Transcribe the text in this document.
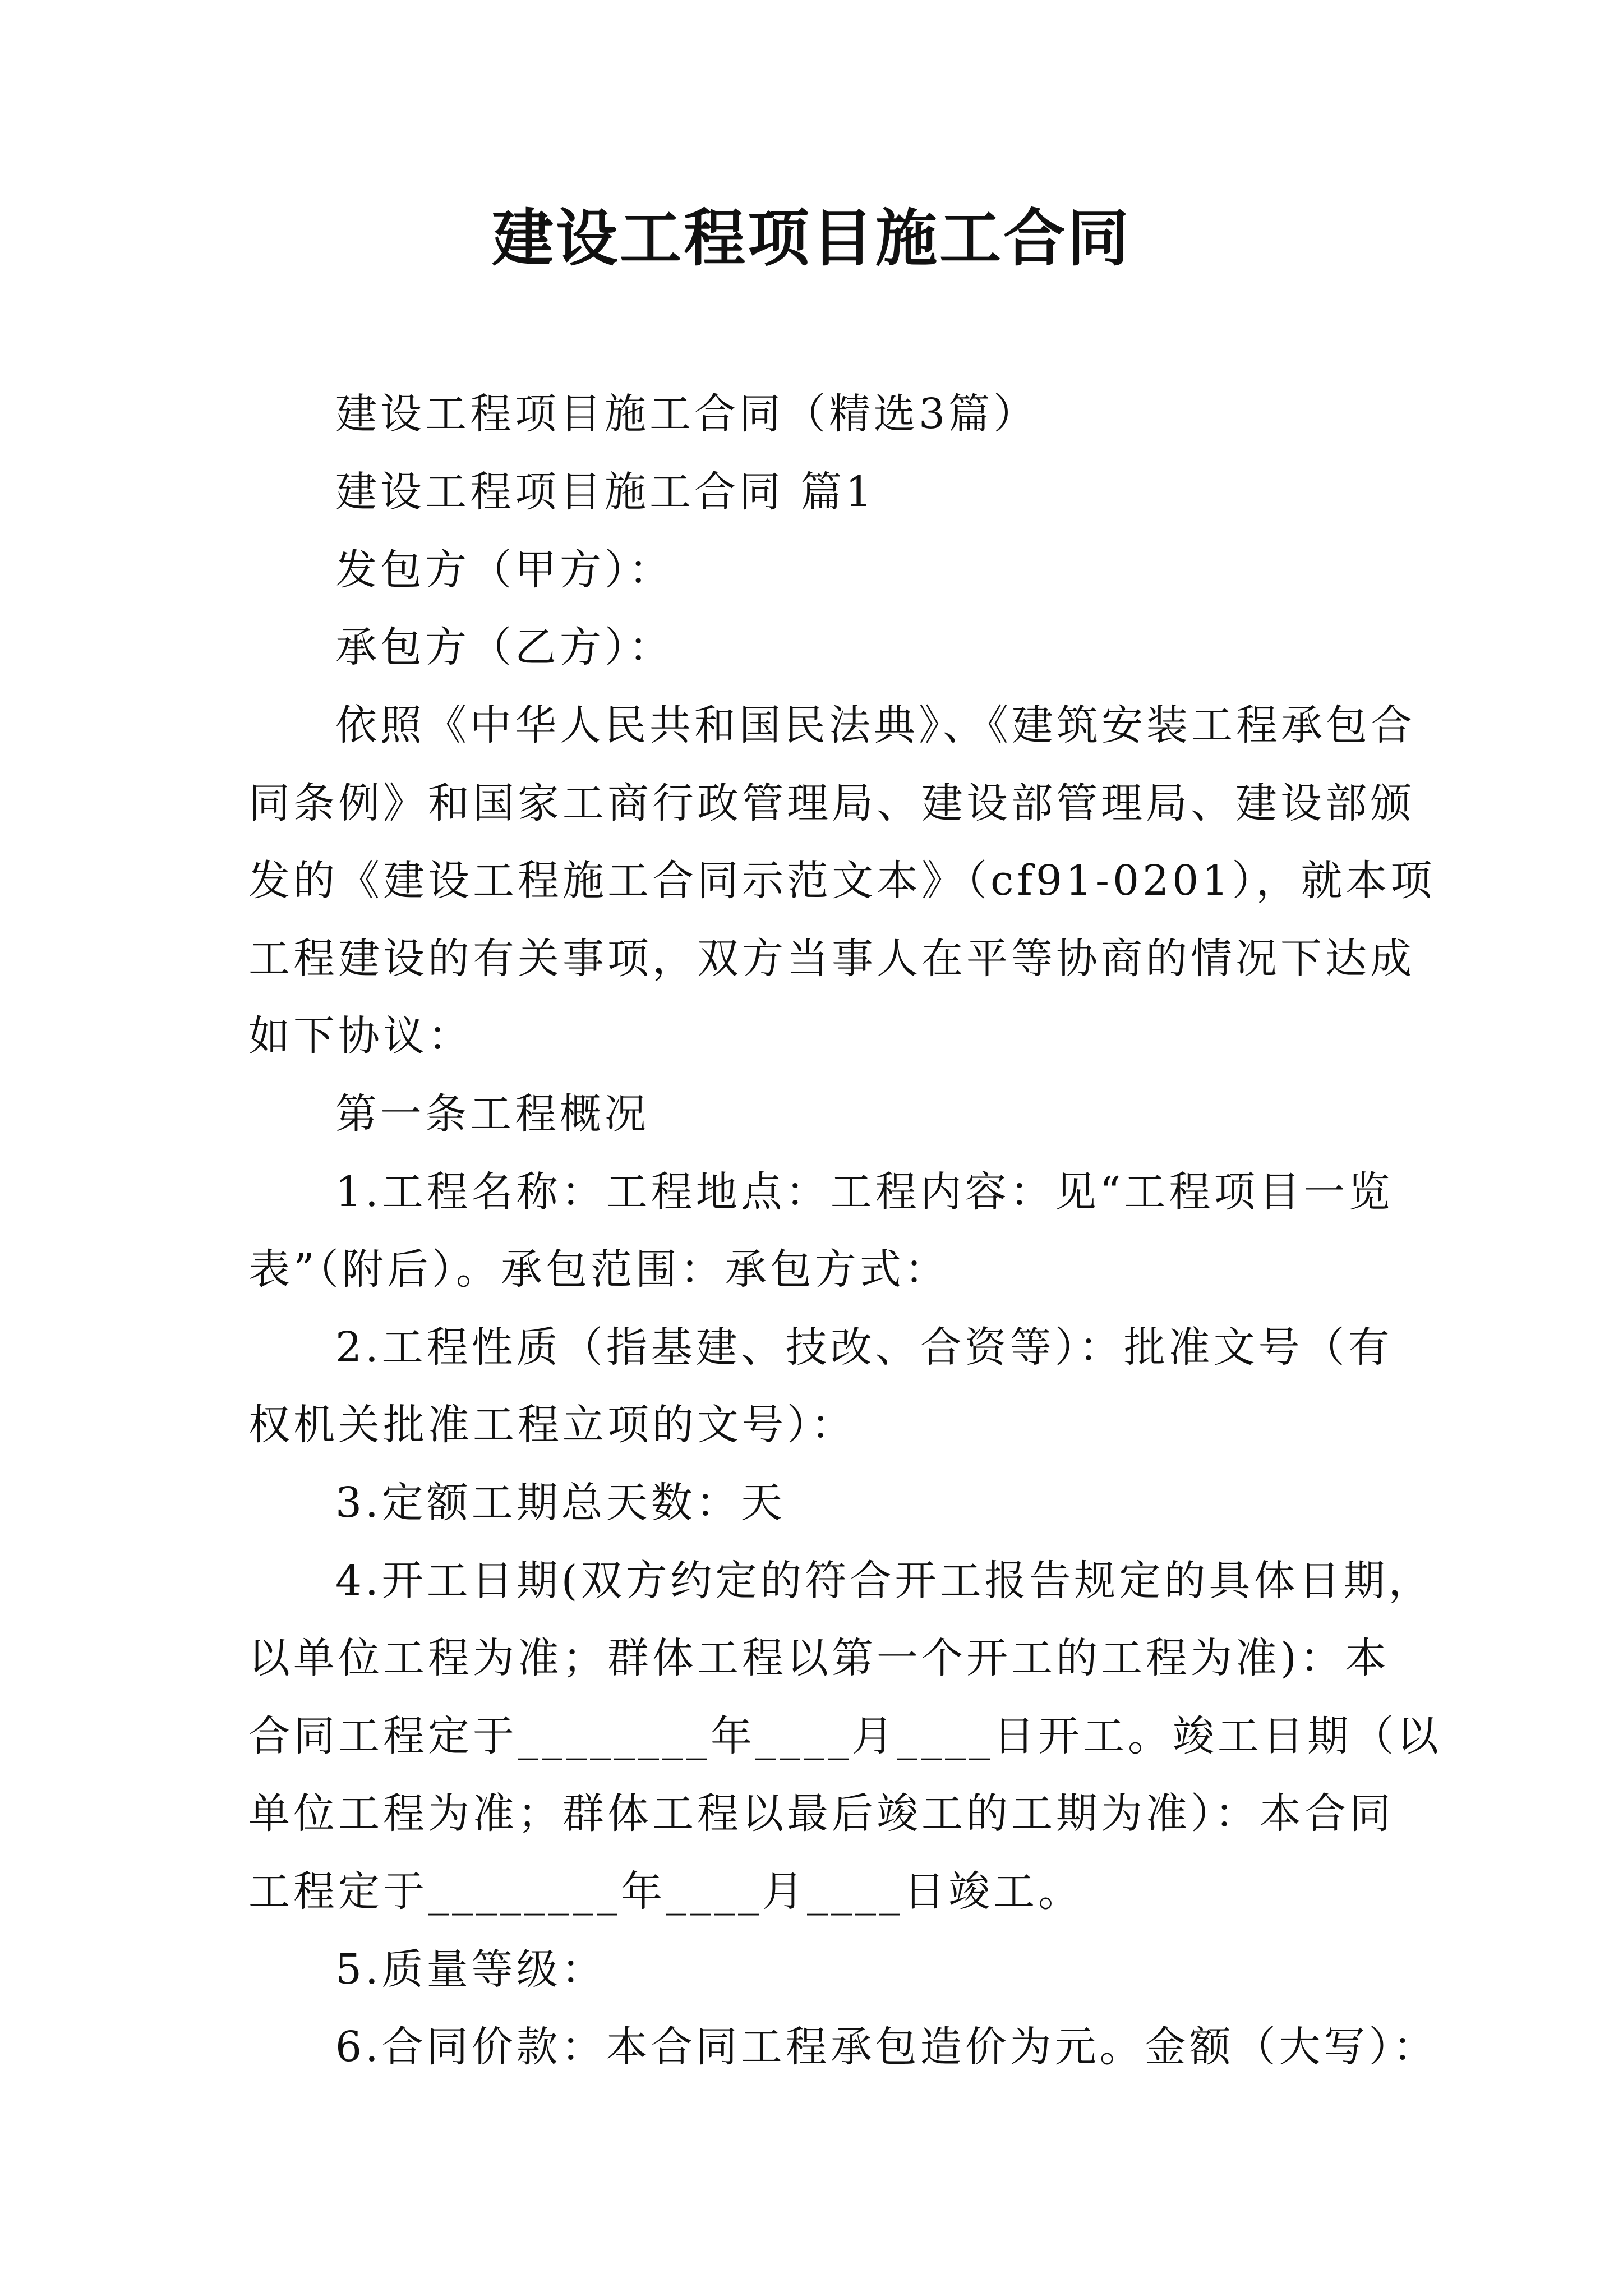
建设工程项目施工合同
建设工程项目施工合同（精选3篇）
建设工程项目施工合同 篇1
发包方（甲方）：
承包方（乙方）：
依照《中华人民共和国民法典》、《建筑安装工程承包合
同条例》和国家工商行政管理局、建设部管理局、建设部颁
发的《建设工程施工合同示范文本》（cf91-0201），就本项
工程建设的有关事项，双方当事人在平等协商的情况下达成
如下协议：
第一条工程概况
1.工程名称：工程地点：工程内容：见“工程项目一览
表”（附后）。承包范围：承包方式：
2.工程性质（指基建、技改、合资等）：批准文号（有
权机关批准工程立项的文号）：
3.定额工期总天数：天
4.开工日期(双方约定的符合开工报告规定的具体日期，
以单位工程为准；群体工程以第一个开工的工程为准)：本
合同工程定于________年____月____日开工。竣工日期（以
单位工程为准；群体工程以最后竣工的工期为准）：本合同
工程定于________年____月____日竣工。
5.质量等级：
6.合同价款：本合同工程承包造价为元。金额（大写）：
